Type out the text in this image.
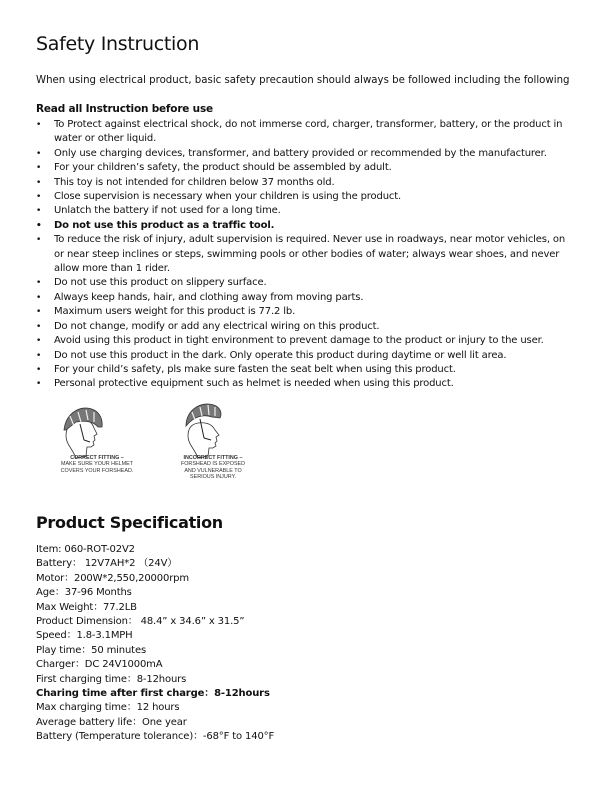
Safety Instruction
When using electrical product, basic safety precaution should always be followed including the following
Read all Instruction before use
• To Protect against electrical shock, do not immerse cord, charger, transformer, battery, or the product in water or other liquid.
• Only use charging devices, transformer, and battery provided or recommended by the manufacturer.
• For your children’s safety, the product should be assembled by adult.
• This toy is not intended for children below 37 months old.
• Close supervision is necessary when your children is using the product.
• Unlatch the battery if not used for a long time.
• Do not use this product as a traffic tool.
• To reduce the risk of injury, adult supervision is required. Never use in roadways, near motor vehicles, on or near steep inclines or steps, swimming pools or other bodies of water; always wear shoes, and never allow more than 1 rider.
• Do not use this product on slippery surface.
• Always keep hands, hair, and clothing away from moving parts.
• Maximum users weight for this product is 77.2 lb.
• Do not change, modify or add any electrical wiring on this product.
• Avoid using this product in tight environment to prevent damage to the product or injury to the user.
• Do not use this product in the dark. Only operate this product during daytime or well lit area.
• For your child’s safety, pls make sure fasten the seat belt when using this product.
• Personal protective equipment such as helmet is needed when using this product.
CORRECT FITTING –
MAKE SURE YOUR HELMET
COVERS YOUR FORSHEAD.
INCORRECT FITTING –
FORSHEAD IS EXPOSED
AND VULNERABLE TO
SERIOUS INJURY.
Product Specification
Item: 060-ROT-02V2
Battery： 12V7AH*2 （24V）
Motor：200W*2,550,20000rpm
Age：37-96 Months
Max Weight：77.2LB
Product Dimension： 48.4” x 34.6” x 31.5”
Speed：1.8-3.1MPH
Play time：50 minutes
Charger：DC 24V1000mA
First charging time：8-12hours
Charing time after first charge：8-12hours
Max charging time：12 hours
Average battery life：One year
Battery (Temperature tolerance)：-68°F to 140°F
